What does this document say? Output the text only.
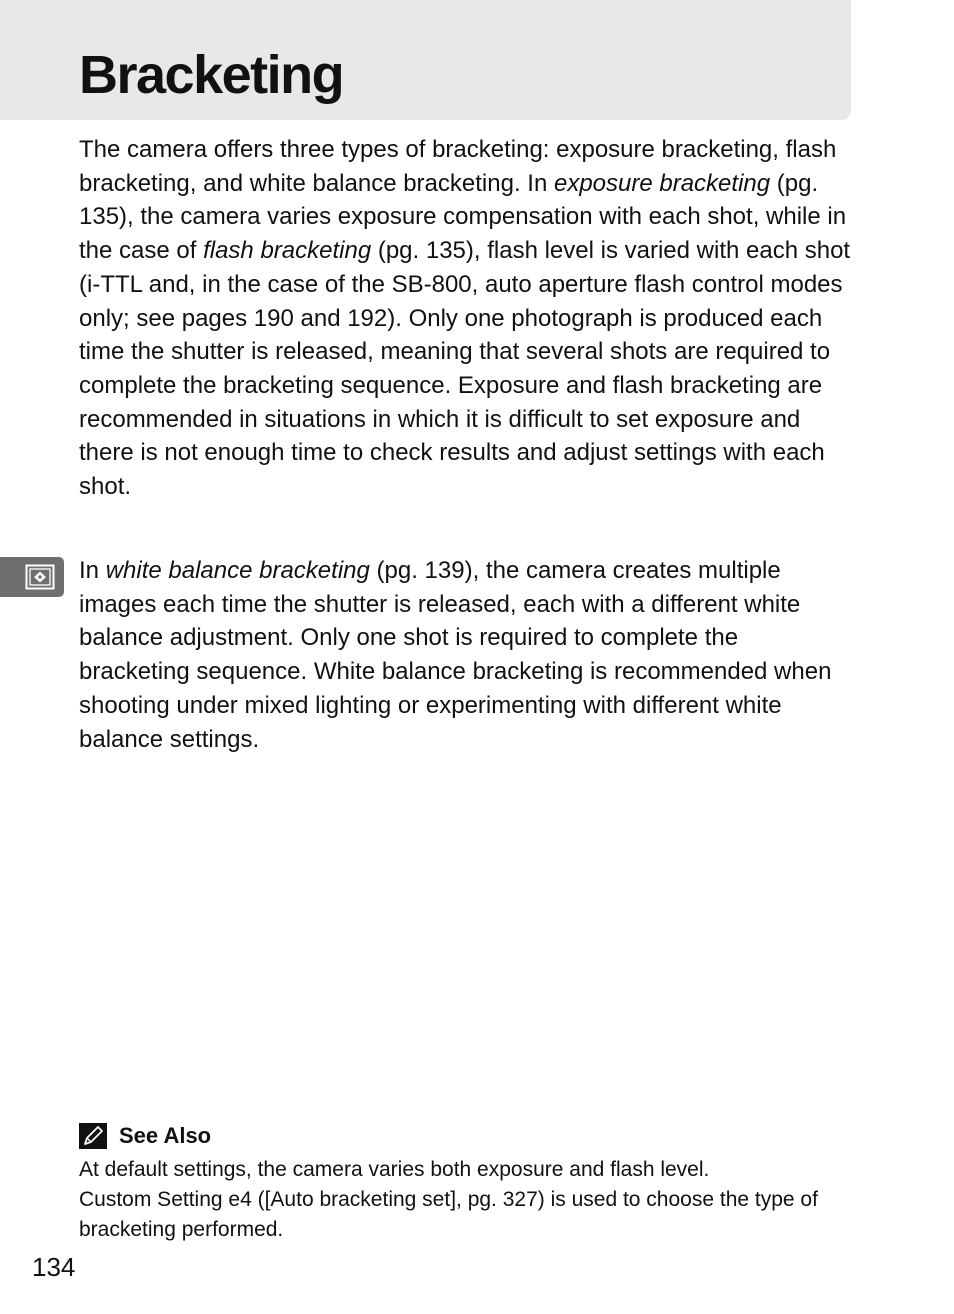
Bracketing

The camera offers three types of bracketing: exposure bracketing, flash bracketing, and white balance bracketing. In exposure bracketing (pg. 135), the camera varies exposure compensation with each shot, while in the case of flash bracketing (pg. 135), flash level is varied with each shot (i-TTL and, in the case of the SB-800, auto aperture flash control modes only; see pages 190 and 192). Only one photograph is produced each time the shutter is released, meaning that several shots are required to complete the bracketing sequence. Exposure and flash bracketing are recommended in situations in which it is difficult to set exposure and there is not enough time to check results and adjust settings with each shot.

In white balance bracketing (pg. 139), the camera creates multiple images each time the shutter is released, each with a different white balance adjustment. Only one shot is required to complete the bracketing sequence. White balance bracketing is recommended when shooting under mixed lighting or experimenting with different white balance settings.

See Also

At default settings, the camera varies both exposure and flash level.
Custom Setting e4 ([Auto bracketing set], pg. 327) is used to choose the type of bracketing performed.

134
